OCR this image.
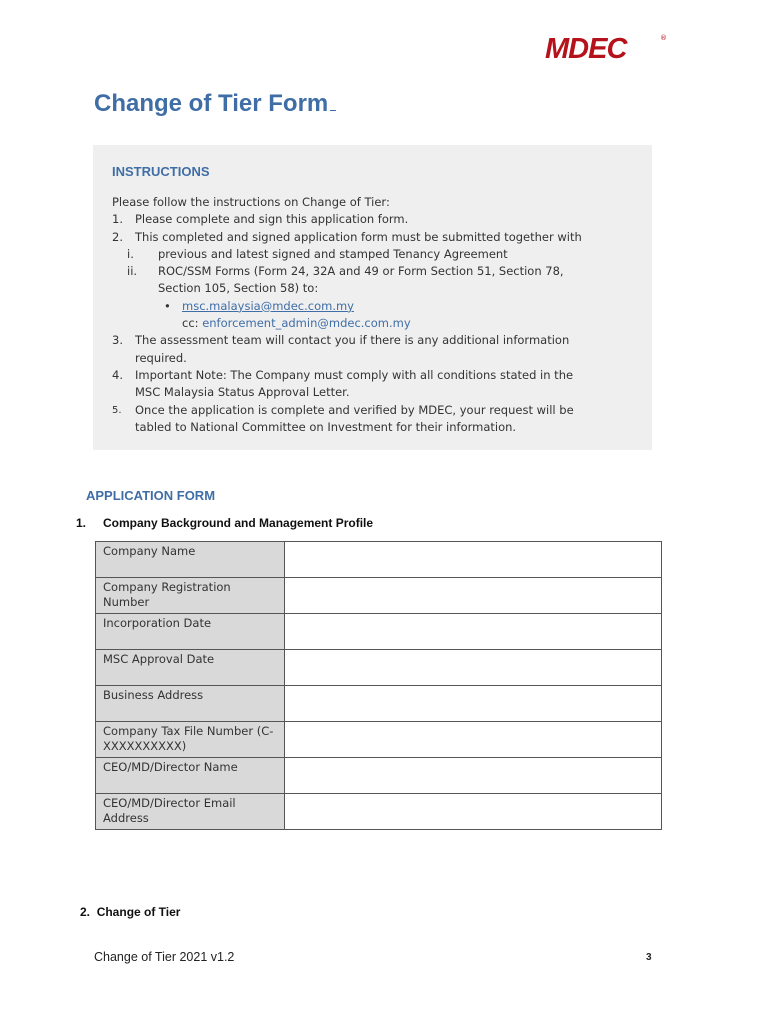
MDEC	®
Change of Tier Form
INSTRUCTIONS
Please follow the instructions on Change of Tier:
1. Please complete and sign this application form.
2. This completed and signed application form must be submitted together with
i. previous and latest signed and stamped Tenancy Agreement
ii. ROC/SSM Forms (Form 24, 32A and 49 or Form Section 51, Section 78,
Section 105, Section 58) to:
• msc.malaysia@mdec.com.my
cc: enforcement_admin@mdec.com.my
3. The assessment team will contact you if there is any additional information
required.
4. Important Note: The Company must comply with all conditions stated in the
MSC Malaysia Status Approval Letter.
5. Once the application is complete and verified by MDEC, your request will be
tabled to National Committee on Investment for their information.
APPLICATION FORM
1. Company Background and Management Profile
Company Name	
Company Registration Number	
Incorporation Date	
MSC Approval Date	
Business Address	
Company Tax File Number (C-XXXXXXXXXX)	
CEO/MD/Director Name	
CEO/MD/Director Email Address	
2. Change of Tier
Change of Tier 2021 v1.2	3
